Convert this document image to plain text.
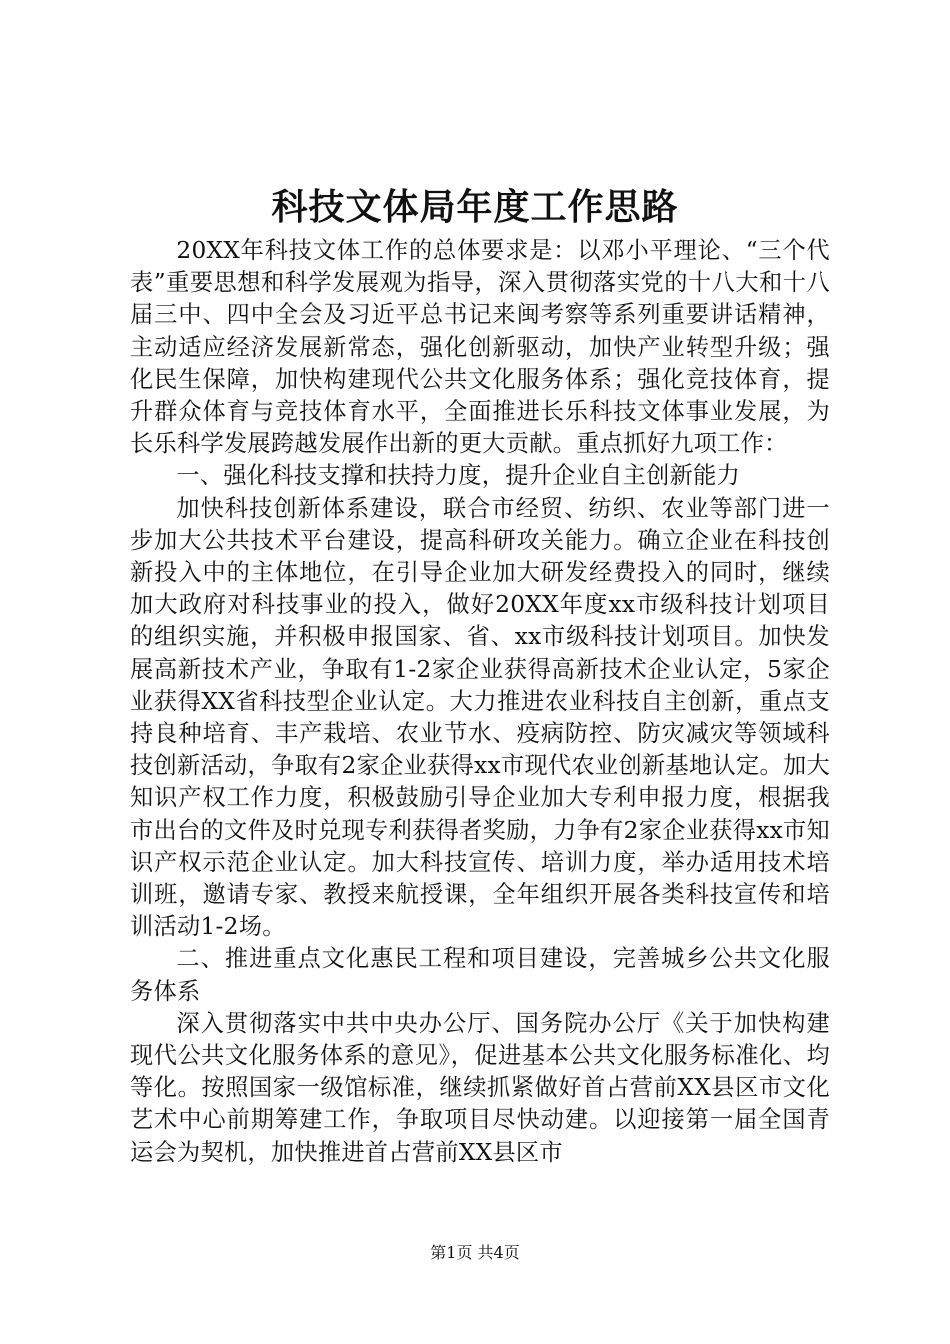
科技文体局年度工作思路

20XX年科技文体工作的总体要求是：以邓小平理论、“三个代表”重要思想和科学发展观为指导，深入贯彻落实党的十八大和十八届三中、四中全会及习近平总书记来闽考察等系列重要讲话精神，主动适应经济发展新常态，强化创新驱动，加快产业转型升级；强化民生保障，加快构建现代公共文化服务体系；强化竞技体育，提升群众体育与竞技体育水平，全面推进长乐科技文体事业发展，为长乐科学发展跨越发展作出新的更大贡献。重点抓好九项工作：

一、强化科技支撑和扶持力度，提升企业自主创新能力

加快科技创新体系建设，联合市经贸、纺织、农业等部门进一步加大公共技术平台建设，提高科研攻关能力。确立企业在科技创新投入中的主体地位，在引导企业加大研发经费投入的同时，继续加大政府对科技事业的投入，做好20XX年度xx市级科技计划项目的组织实施，并积极申报国家、省、xx市级科技计划项目。加快发展高新技术产业，争取有1-2家企业获得高新技术企业认定，5家企业获得XX省科技型企业认定。大力推进农业科技自主创新，重点支持良种培育、丰产栽培、农业节水、疫病防控、防灾减灾等领域科技创新活动，争取有2家企业获得xx市现代农业创新基地认定。加大知识产权工作力度，积极鼓励引导企业加大专利申报力度，根据我市出台的文件及时兑现专利获得者奖励，力争有2家企业获得xx市知识产权示范企业认定。加大科技宣传、培训力度，举办适用技术培训班，邀请专家、教授来航授课，全年组织开展各类科技宣传和培训活动1-2场。

二、推进重点文化惠民工程和项目建设，完善城乡公共文化服务体系

深入贯彻落实中共中央办公厅、国务院办公厅《关于加快构建现代公共文化服务体系的意见》，促进基本公共文化服务标准化、均等化。按照国家一级馆标准，继续抓紧做好首占营前XX县区市文化艺术中心前期筹建工作，争取项目尽快动建。以迎接第一届全国青运会为契机，加快推进首占营前XX县区市

第1页 共4页
